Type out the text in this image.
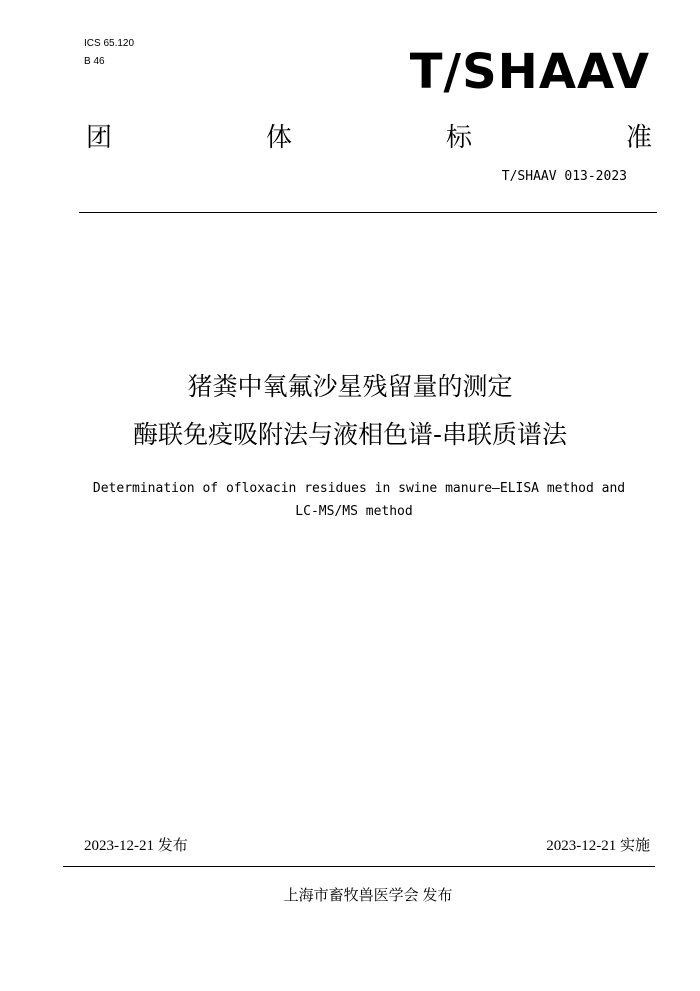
ICS 65.120
B 46	T/SHAAV
团	体	标	准
T/SHAAV 013-2023
猪粪中氧氟沙星残留量的测定
酶联免疫吸附法与液相色谱-串联质谱法
Determination of ofloxacin residues in swine manure—ELISA method and
LC-MS/MS method
2023-12-21 发布	2023-12-21 实施
上海市畜牧兽医学会 发布
